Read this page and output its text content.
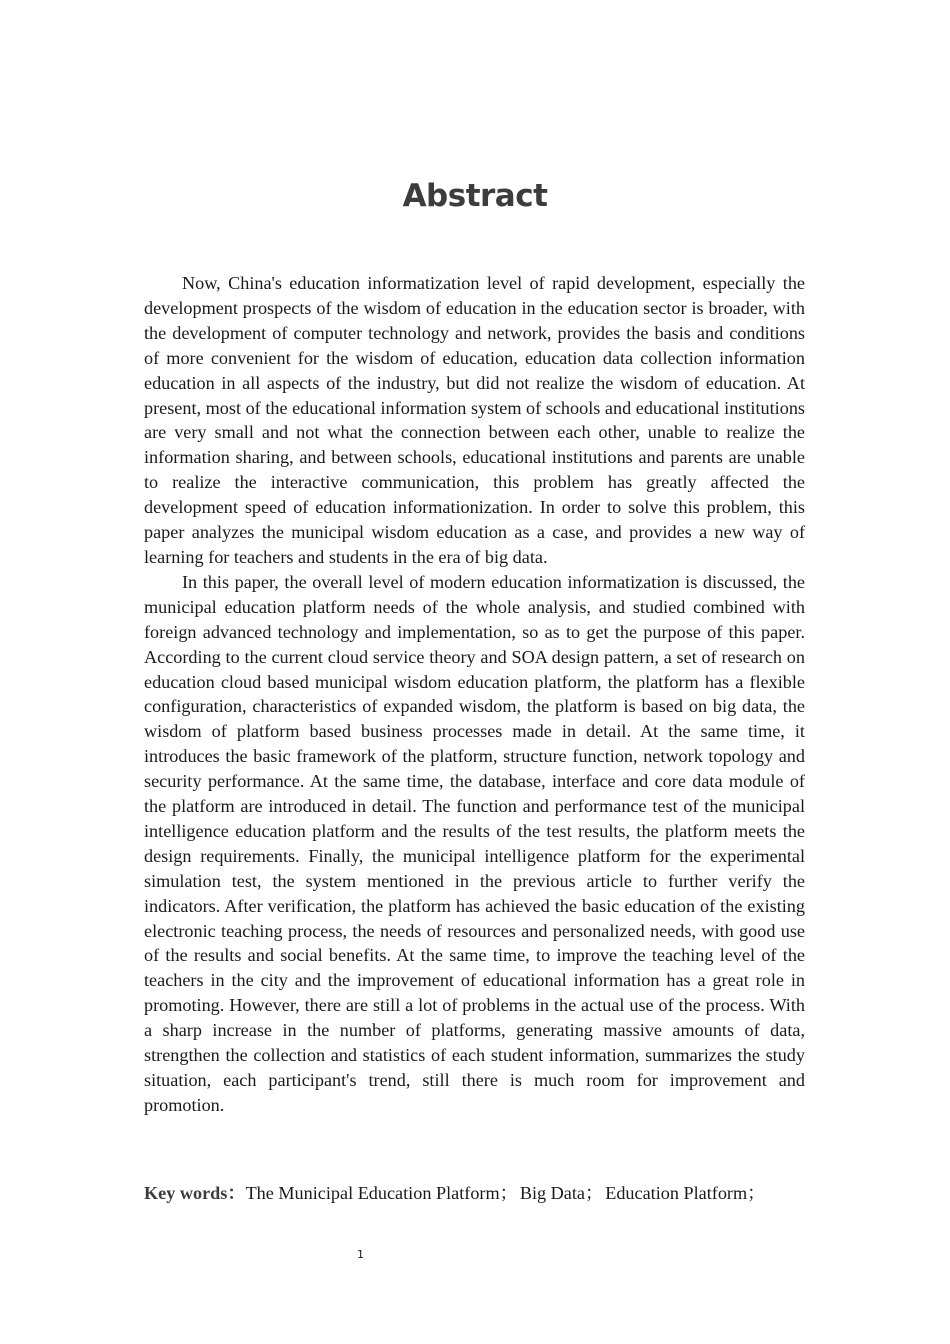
Abstract

Now, China's education informatization level of rapid development, especially the development prospects of the wisdom of education in the education sector is broader, with the development of computer technology and network, provides the basis and conditions of more convenient for the wisdom of education, education data collection information education in all aspects of the industry, but did not realize the wisdom of education. At present, most of the educational information system of schools and educational institutions are very small and not what the connection between each other, unable to realize the information sharing, and between schools, educational institutions and parents are unable to realize the interactive communication, this problem has greatly affected the development speed of education informationization. In order to solve this problem, this paper analyzes the municipal wisdom education as a case, and provides a new way of learning for teachers and students in the era of big data.

In this paper, the overall level of modern education informatization is discussed, the municipal education platform needs of the whole analysis, and studied combined with foreign advanced technology and implementation, so as to get the purpose of this paper. According to the current cloud service theory and SOA design pattern, a set of research on education cloud based municipal wisdom education platform, the platform has a flexible configuration, characteristics of expanded wisdom, the platform is based on big data, the wisdom of platform based business processes made in detail. At the same time, it introduces the basic framework of the platform, structure function, network topology and security performance. At the same time, the database, interface and core data module of the platform are introduced in detail. The function and performance test of the municipal intelligence education platform and the results of the test results, the platform meets the design requirements. Finally, the municipal intelligence platform for the experimental simulation test, the system mentioned in the previous article to further verify the indicators. After verification, the platform has achieved the basic education of the existing electronic teaching process, the needs of resources and personalized needs, with good use of the results and social benefits. At the same time, to improve the teaching level of the teachers in the city and the improvement of educational information has a great role in promoting. However, there are still a lot of problems in the actual use of the process. With a sharp increase in the number of platforms, generating massive amounts of data, strengthen the collection and statistics of each student information, summarizes the study situation, each participant's trend, still there is much room for improvement and promotion.

Key words：The Municipal Education Platform； Big Data； Education Platform；
1
